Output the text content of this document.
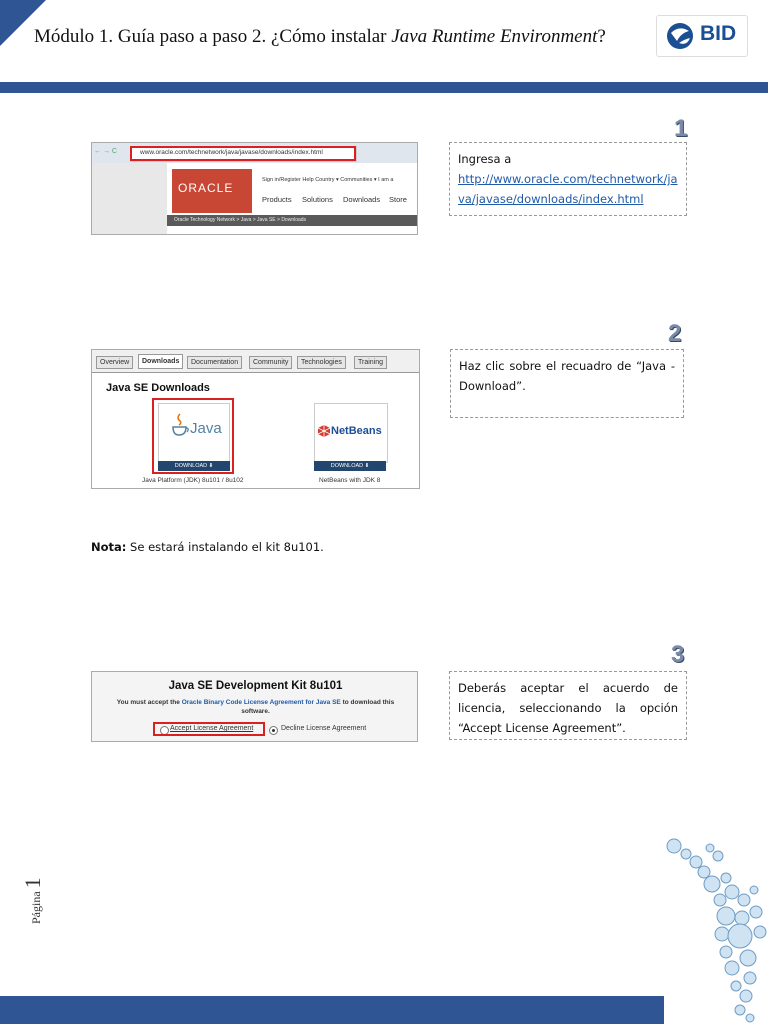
Módulo 1. Guía paso a paso 2. ¿Cómo instalar Java Runtime Environment?	BID
1
← → C	www.oracle.com/technetwork/java/javase/downloads/index.html
ORACLE
Sign in/Register Help Country ▾ Communities ▾ I am a
Products Solutions Downloads Store
Oracle Technology Network > Java > Java SE > Downloads
Ingresa a
http://www.oracle.com/technetwork/java/javase/downloads/index.html
2
Overview	Downloads	Documentation	Community	Technologies	Training
Java SE Downloads
Java
DOWNLOAD ⬇
Java Platform (JDK) 8u101 / 8u102
NetBeans
DOWNLOAD ⬇
NetBeans with JDK 8
Haz clic sobre el recuadro de “Java - Download”.
Nota: Se estará instalando el kit 8u101.
3
Java SE Development Kit 8u101
You must accept the Oracle Binary Code License Agreement for Java SE to download this
software.
Accept License Agreement	Decline License Agreement
Deberás aceptar el acuerdo de licencia, seleccionando la opción “Accept License Agreement”.
Página 1
